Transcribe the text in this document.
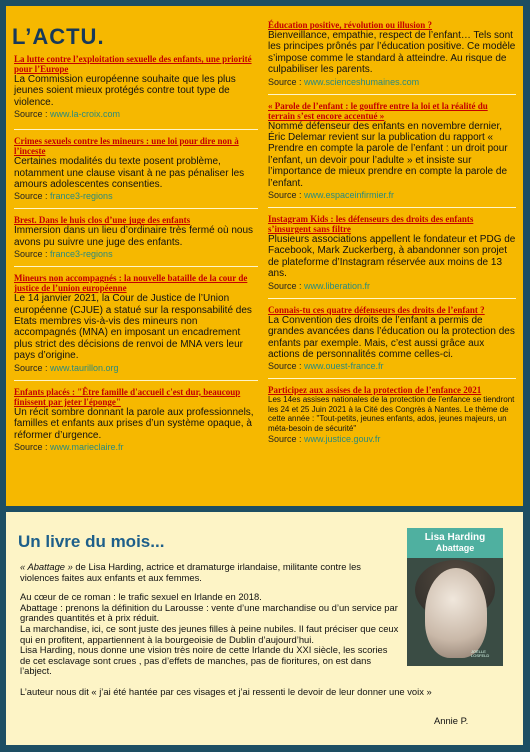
L’ACTU.
La lutte contre l’exploitation sexuelle des enfants, une priorité pour l’Europe
La Commission européenne souhaite que les plus jeunes soient mieux protégés contre tout type de violence.
Source : www.la-croix.com
Crimes sexuels contre les mineurs : une loi pour dire non à l’inceste
Certaines modalités du texte posent problème, notamment une clause visant à ne pas pénaliser les amours adolescentes consenties.
Source : france3-regions
Brest. Dans le huis clos d’une juge des enfants
Immersion dans un lieu d’ordinaire très fermé où nous avons pu suivre une juge des enfants.
Source : france3-regions
Mineurs non accompagnés : la nouvelle bataille de la cour de justice de l’union européenne
Le 14 janvier 2021, la Cour de Justice de l’Union européenne (CJUE) a statué sur la responsabilité des Etats membres vis-à-vis des mineurs non accompagnés (MNA) en imposant un encadrement plus strict des décisions de renvoi de MNA vers leur pays d’origine.
Source : www.taurillon.org
Enfants placés : "Être famille d'accueil c'est dur, beaucoup finissent par jeter l'éponge"
Un récit sombre donnant la parole aux professionnels, familles et enfants aux prises d’un système opaque, à réformer d’urgence.
Source : www.marieclaire.fr
Éducation positive, révolution ou illusion ?
Bienveillance, empathie, respect de l’enfant… Tels sont les principes prônés par l’éducation positive. Ce modèle s’impose comme le standard à atteindre. Au risque de culpabiliser les parents.
Source : www.scienceshumaines.com
« Parole de l’enfant : le gouffre entre la loi et la réalité du terrain s’est encore accentué »
Nommé défenseur des enfants en novembre dernier, Éric Delemar revient sur la publication du rapport « Prendre en compte la parole de l’enfant : un droit pour l’enfant, un devoir pour l’adulte » et insiste sur l’importance de mieux prendre en compte la parole de l’enfant.
Source : www.espaceinfirmier.fr
Instagram Kids : les défenseurs des droits des enfants s’insurgent sans filtre
Plusieurs associations appellent le fondateur et PDG de Facebook, Mark Zuckerberg, à abandonner son projet de plateforme d’Instagram réservée aux moins de 13 ans.
Source : www.liberation.fr
Connais-tu ces quatre défenseurs des droits de l’enfant ?
La Convention des droits de l’enfant a permis de grandes avancées dans l’éducation ou la protection des enfants par exemple. Mais, c’est aussi grâce aux actions de personnalités comme celles-ci.
Source : www.ouest-france.fr
Participez aux assises de la protection de l’enfance 2021
Les 14es assises nationales de la protection de l’enfance se tiendront les 24 et 25 Juin 2021 à la Cité des Congrès à Nantes. Le thème de cette année : "Tout-petits, jeunes enfants, ados, jeunes majeurs, un méta-besoin de sécurité"
Source : www.justice.gouv.fr
Un livre du mois...	Lisa Harding
Abattage
JOËLLE LOSFELD

« Abattage » de Lisa Harding, actrice et dramaturge irlandaise, militante contre les violences faites aux enfants et aux femmes.

Au cœur de ce roman : le trafic sexuel en Irlande en 2018.

Abattage : prenons la définition du Larousse : vente d’une marchandise ou d’un service par grandes quantités et à prix réduit.

La marchandise, ici, ce sont juste des jeunes filles à peine nubiles. Il faut préciser que ceux qui en profitent, appartiennent à la bourgeoisie de Dublin d’aujourd’hui.

Lisa Harding, nous donne une vision très noire de cette Irlande du XXI siècle, les scories de cet esclavage sont crues , pas d’effets de manches, pas de fioritures, on est dans l’abject.

L’auteur nous dit « j’ai été hantée par ces visages et j’ai ressenti le devoir de leur donner une voix »
Annie P.
